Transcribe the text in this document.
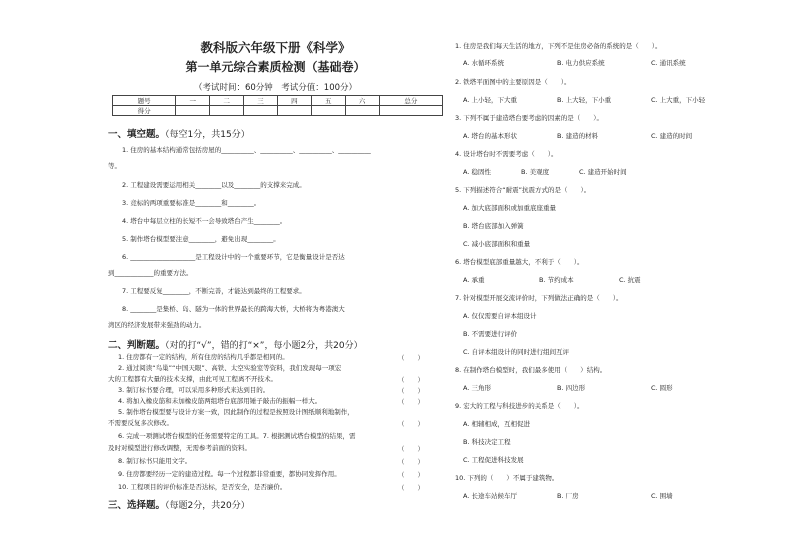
教科版六年级下册《科学》
第一单元综合素质检测（基础卷）
（考试时间：60分钟　考试分值：100分）
题号	一	二	三	四	五	六	总分
得分							
一、填空题。（每空1分，共15分）
1. 住房的基本结构通常包括房屋的__________、__________、__________、__________
等。
2. 工程建设需要运用相关________以及________的支撑来完成。
3. 竞标的两项重要标准是________和________。
4. 塔台中每层立柱的长短不一会导致塔台产生________。
5. 制作塔台模型要注意________，避免出现________。
6. ____________________是工程设计中的一个重要环节，它是衡量设计是否达
到____________的重要方法。
7. 工程要反复________，不断完善，才能达到最终的工程要求。
8. ________是集桥、岛、隧为一体的世界最长的跨海大桥，大桥将为粤港澳大
湾区的经济发展带来强劲的动力。
二、判断题。（对的打“√”，错的打“×”，每小题2分，共20分）
1. 住房都有一定的结构，所有住房的结构几乎都是相同的。	（　　）
2. 通过阅读“鸟巢”“中国天眼”、高铁、太空实验室等资料，我们发现每一项宏
大的工程都有大量的技术支撑，由此可见工程离不开技术。	（　　）
3. 制订标书要合理，可以采用多种形式来达到目的。	（　　）
4. 将加入橡皮筋和未加橡皮筋两组塔台底部用锤子敲击的振幅一样大。	（　　）
5. 制作塔台模型要与设计方案一致，因此制作的过程是按照设计图纸顺利地制作，
不需要反复多次修改。	（　　）
6. 完成一项测试塔台模型的任务需要特定的工具。7. 根据测试塔台模型的结果，需
及时对模型进行修改调整，无需参考前面的资料。	（　　）
8. 制订标书只能用文字。	（　　）
9. 住房都要经历一定的建造过程。每一个过程都非常重要，都协同发挥作用。	（　　）
10. 工程项目的评价标准是否达标，是否安全，是否廉价。	（　　）
三、选择题。（每题2分，共20分）
1. 住房是我们每天生活的地方，下列不是住房必备的系统的是（　　）。
A. 水循环系统	B. 电力供应系统	C. 通讯系统
2. 铁塔平面图中的主要原因是（　　）。
A. 上小轻，下大重	B. 上大轻，下小重	C. 上大重，下小轻
3. 下列不属于建造塔台要考虑的因素的是（　　）。
A. 塔台的基本形状	B. 建造的材料	C. 建造的时间
4. 设计塔台时不需要考虑（　　）。
A. 稳固性	B. 美观度	C. 建造开始时间
5. 下列描述符合“耐震”抗震方式的是（　　）。
A. 加大底部面积或加重底座重量
B. 塔台底部加入弹簧
C. 减小底部面积和重量
6. 塔台模型底部重量越大，不利于（　　）。
A. 承重	B. 节约成本	C. 抗震
7. 针对模型开展交流评价时，下列做法正确的是（　　）。
A. 仅仅需要自评本组设计
B. 不需要进行评价
C. 自评本组设计的同时进行组间互评
8. 在制作塔台模型时，我们最多使用（　　）结构。
A. 三角形	B. 四边形	C. 圆形
9. 宏大的工程与科技进步的关系是（　　）。
A. 相辅相成，互相促进
B. 科技决定工程
C. 工程促进科技发展
10. 下列的（　　）不属于建筑物。
A. 长途车站候车厅	B. 厂房	C. 围墙
